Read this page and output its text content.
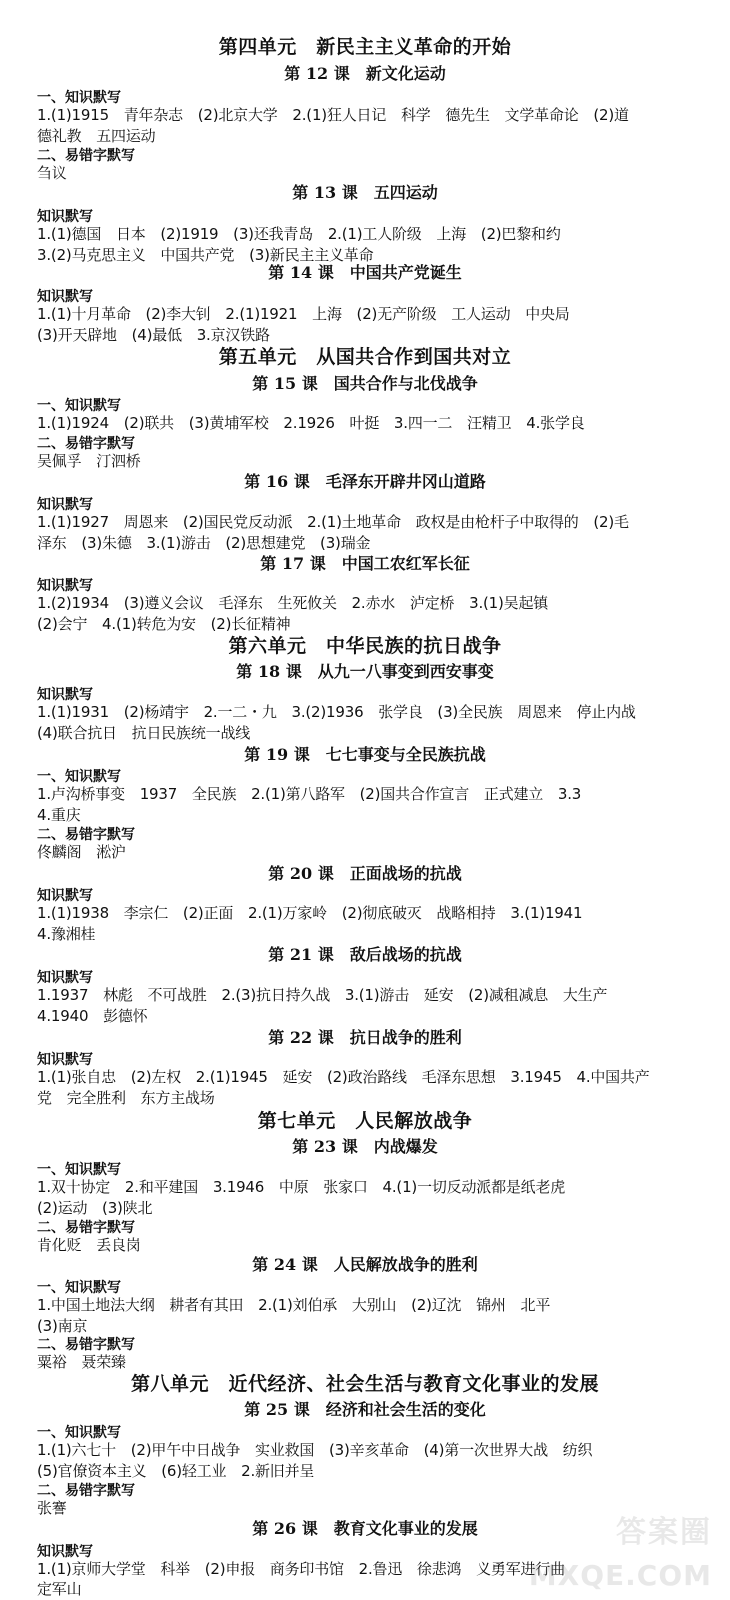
第四单元　新民主主义革命的开始
第 12 课　新文化运动
一、知识默写
1.(1)1915　青年杂志　(2)北京大学　2.(1)狂人日记　科学　德先生　文学革命论　(2)道
德礼教　五四运动
二、易错字默写
刍议
第 13 课　五四运动
知识默写
1.(1)德国　日本　(2)1919　(3)还我青岛　2.(1)工人阶级　上海　(2)巴黎和约
3.(2)马克思主义　中国共产党　(3)新民主主义革命
第 14 课　中国共产党诞生
知识默写
1.(1)十月革命　(2)李大钊　2.(1)1921　上海　(2)无产阶级　工人运动　中央局
(3)开天辟地　(4)最低　3.京汉铁路
第五单元　从国共合作到国共对立
第 15 课　国共合作与北伐战争
一、知识默写
1.(1)1924　(2)联共　(3)黄埔军校　2.1926　叶挺　3.四一二　汪精卫　4.张学良
二、易错字默写
吴佩孚　汀泗桥
第 16 课　毛泽东开辟井冈山道路
知识默写
1.(1)1927　周恩来　(2)国民党反动派　2.(1)土地革命　政权是由枪杆子中取得的　(2)毛
泽东　(3)朱德　3.(1)游击　(2)思想建党　(3)瑞金
第 17 课　中国工农红军长征
知识默写
1.(2)1934　(3)遵义会议　毛泽东　生死攸关　2.赤水　泸定桥　3.(1)吴起镇
(2)会宁　4.(1)转危为安　(2)长征精神
第六单元　中华民族的抗日战争
第 18 课　从九一八事变到西安事变
知识默写
1.(1)1931　(2)杨靖宇　2.一二・九　3.(2)1936　张学良　(3)全民族　周恩来　停止内战
(4)联合抗日　抗日民族统一战线
第 19 课　七七事变与全民族抗战
一、知识默写
1.卢沟桥事变　1937　全民族　2.(1)第八路军　(2)国共合作宣言　正式建立　3.3
4.重庆
二、易错字默写
佟麟阁　淞沪
第 20 课　正面战场的抗战
知识默写
1.(1)1938　李宗仁　(2)正面　2.(1)万家岭　(2)彻底破灭　战略相持　3.(1)1941
4.豫湘桂
第 21 课　敌后战场的抗战
知识默写
1.1937　林彪　不可战胜　2.(3)抗日持久战　3.(1)游击　延安　(2)减租减息　大生产
4.1940　彭德怀
第 22 课　抗日战争的胜利
知识默写
1.(1)张自忠　(2)左权　2.(1)1945　延安　(2)政治路线　毛泽东思想　3.1945　4.中国共产
党　完全胜利　东方主战场
第七单元　人民解放战争
第 23 课　内战爆发
一、知识默写
1.双十协定　2.和平建国　3.1946　中原　张家口　4.(1)一切反动派都是纸老虎
(2)运动　(3)陕北
二、易错字默写
肯化贬　丢良岗
第 24 课　人民解放战争的胜利
一、知识默写
1.中国土地法大纲　耕者有其田　2.(1)刘伯承　大别山　(2)辽沈　锦州　北平
(3)南京
二、易错字默写
粟裕　聂荣臻
第八单元　近代经济、社会生活与教育文化事业的发展
第 25 课　经济和社会生活的变化
一、知识默写
1.(1)六七十　(2)甲午中日战争　实业救国　(3)辛亥革命　(4)第一次世界大战　纺织
(5)官僚资本主义　(6)轻工业　2.新旧并呈
二、易错字默写
张謇
第 26 课　教育文化事业的发展
知识默写
1.(1)京师大学堂　科举　(2)申报　商务印书馆　2.鲁迅　徐悲鸿　义勇军进行曲
定军山
答案圈
MXQE.COM
